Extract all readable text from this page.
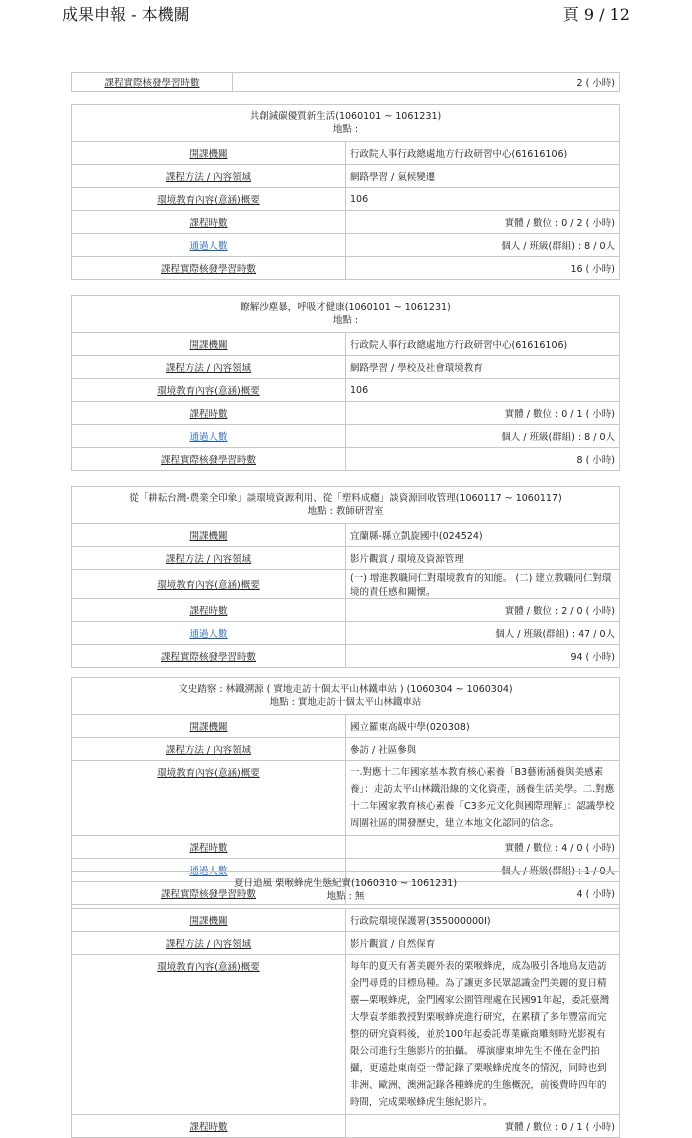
成果申報 - 本機關	頁 9 / 12
課程實際核發學習時數	2 ( 小時)
共創減碳優質新生活(1060101 ~ 1061231)
地點 :	

開課機關	行政院人事行政總處地方行政研習中心(61616106)
課程方法 / 內容領域	網路學習 / 氣候變遷
環境教育內容(意涵)概要	106
課程時數	實體 / 數位 : 0 / 2 ( 小時)
通過人數	個人 / 班級(群組) : 8 / 0人
課程實際核發學習時數	16 ( 小時)
瞭解沙塵暴，呼吸才健康(1060101 ~ 1061231)
地點 :	

開課機關	行政院人事行政總處地方行政研習中心(61616106)
課程方法 / 內容領域	網路學習 / 學校及社會環境教育
環境教育內容(意涵)概要	106
課程時數	實體 / 數位 : 0 / 1 ( 小時)
通過人數	個人 / 班級(群組) : 8 / 0人
課程實際核發學習時數	8 ( 小時)
從「耕耘台灣-農業全印象」談環境資源利用、從「塑料成癮」談資源回收管理(1060117 ~ 1060117)
地點 : 教師研習室	

開課機關	宜蘭縣-縣立凱旋國中(024524)
課程方法 / 內容領域	影片觀賞 / 環境及資源管理
環境教育內容(意涵)概要	(一) 增進教職同仁對環境教育的知能。 (二) 建立教職同仁對環境的責任感和關懷。
課程時數	實體 / 數位 : 2 / 0 ( 小時)
通過人數	個人 / 班級(群組) : 47 / 0人
課程實際核發學習時數	94 ( 小時)
文史踏察 : 林鐵溯源 ( 實地走訪十個太平山林鐵車站 ) (1060304 ~ 1060304)
地點 : 實地走訪十個太平山林鐵車站	

開課機關	國立羅東高級中學(020308)
課程方法 / 內容領域	參訪 / 社區參與
環境教育內容(意涵)概要	一.對應十二年國家基本教育核心素養「B3藝術涵養與美感素養」：走訪太平山林鐵沿線的文化資產，涵養生活美學。二.對應十二年國家教育核心素養「C3多元文化與國際理解」：認識學校周圍社區的開發歷史，建立本地文化認同的信念。
課程時數	實體 / 數位 : 4 / 0 ( 小時)
通過人數	個人 / 班級(群組) : 1 / 0人
課程實際核發學習時數	4 ( 小時)
夏日追風 栗喉蜂虎生態紀實(1060310 ~ 1061231)
地點 : 無	

開課機關	行政院環境保護署(355000000I)
課程方法 / 內容領域	影片觀賞 / 自然保育
環境教育內容(意涵)概要	每年的夏天有著美麗外表的栗喉蜂虎，成為吸引各地鳥友造訪金門尋覓的目標鳥種。為了讓更多民眾認識金門美麗的夏日精靈—栗喉蜂虎，金門國家公園管理處在民國91年起，委託臺灣大學袁孝維教授對栗喉蜂虎進行研究，在累積了多年豐富而完整的研究資料後，並於100年起委託專業廠商雕刻時光影視有限公司進行生態影片的拍攝。 導演廖東坤先生不僅在金門拍攝，更遠赴東南亞一帶記錄了栗喉蜂虎度冬的情況，同時也到非洲、歐洲、澳洲記錄各種蜂虎的生態概況，前後費時四年的時間，完成栗喉蜂虎生態紀影片。
課程時數	實體 / 數位 : 0 / 1 ( 小時)
